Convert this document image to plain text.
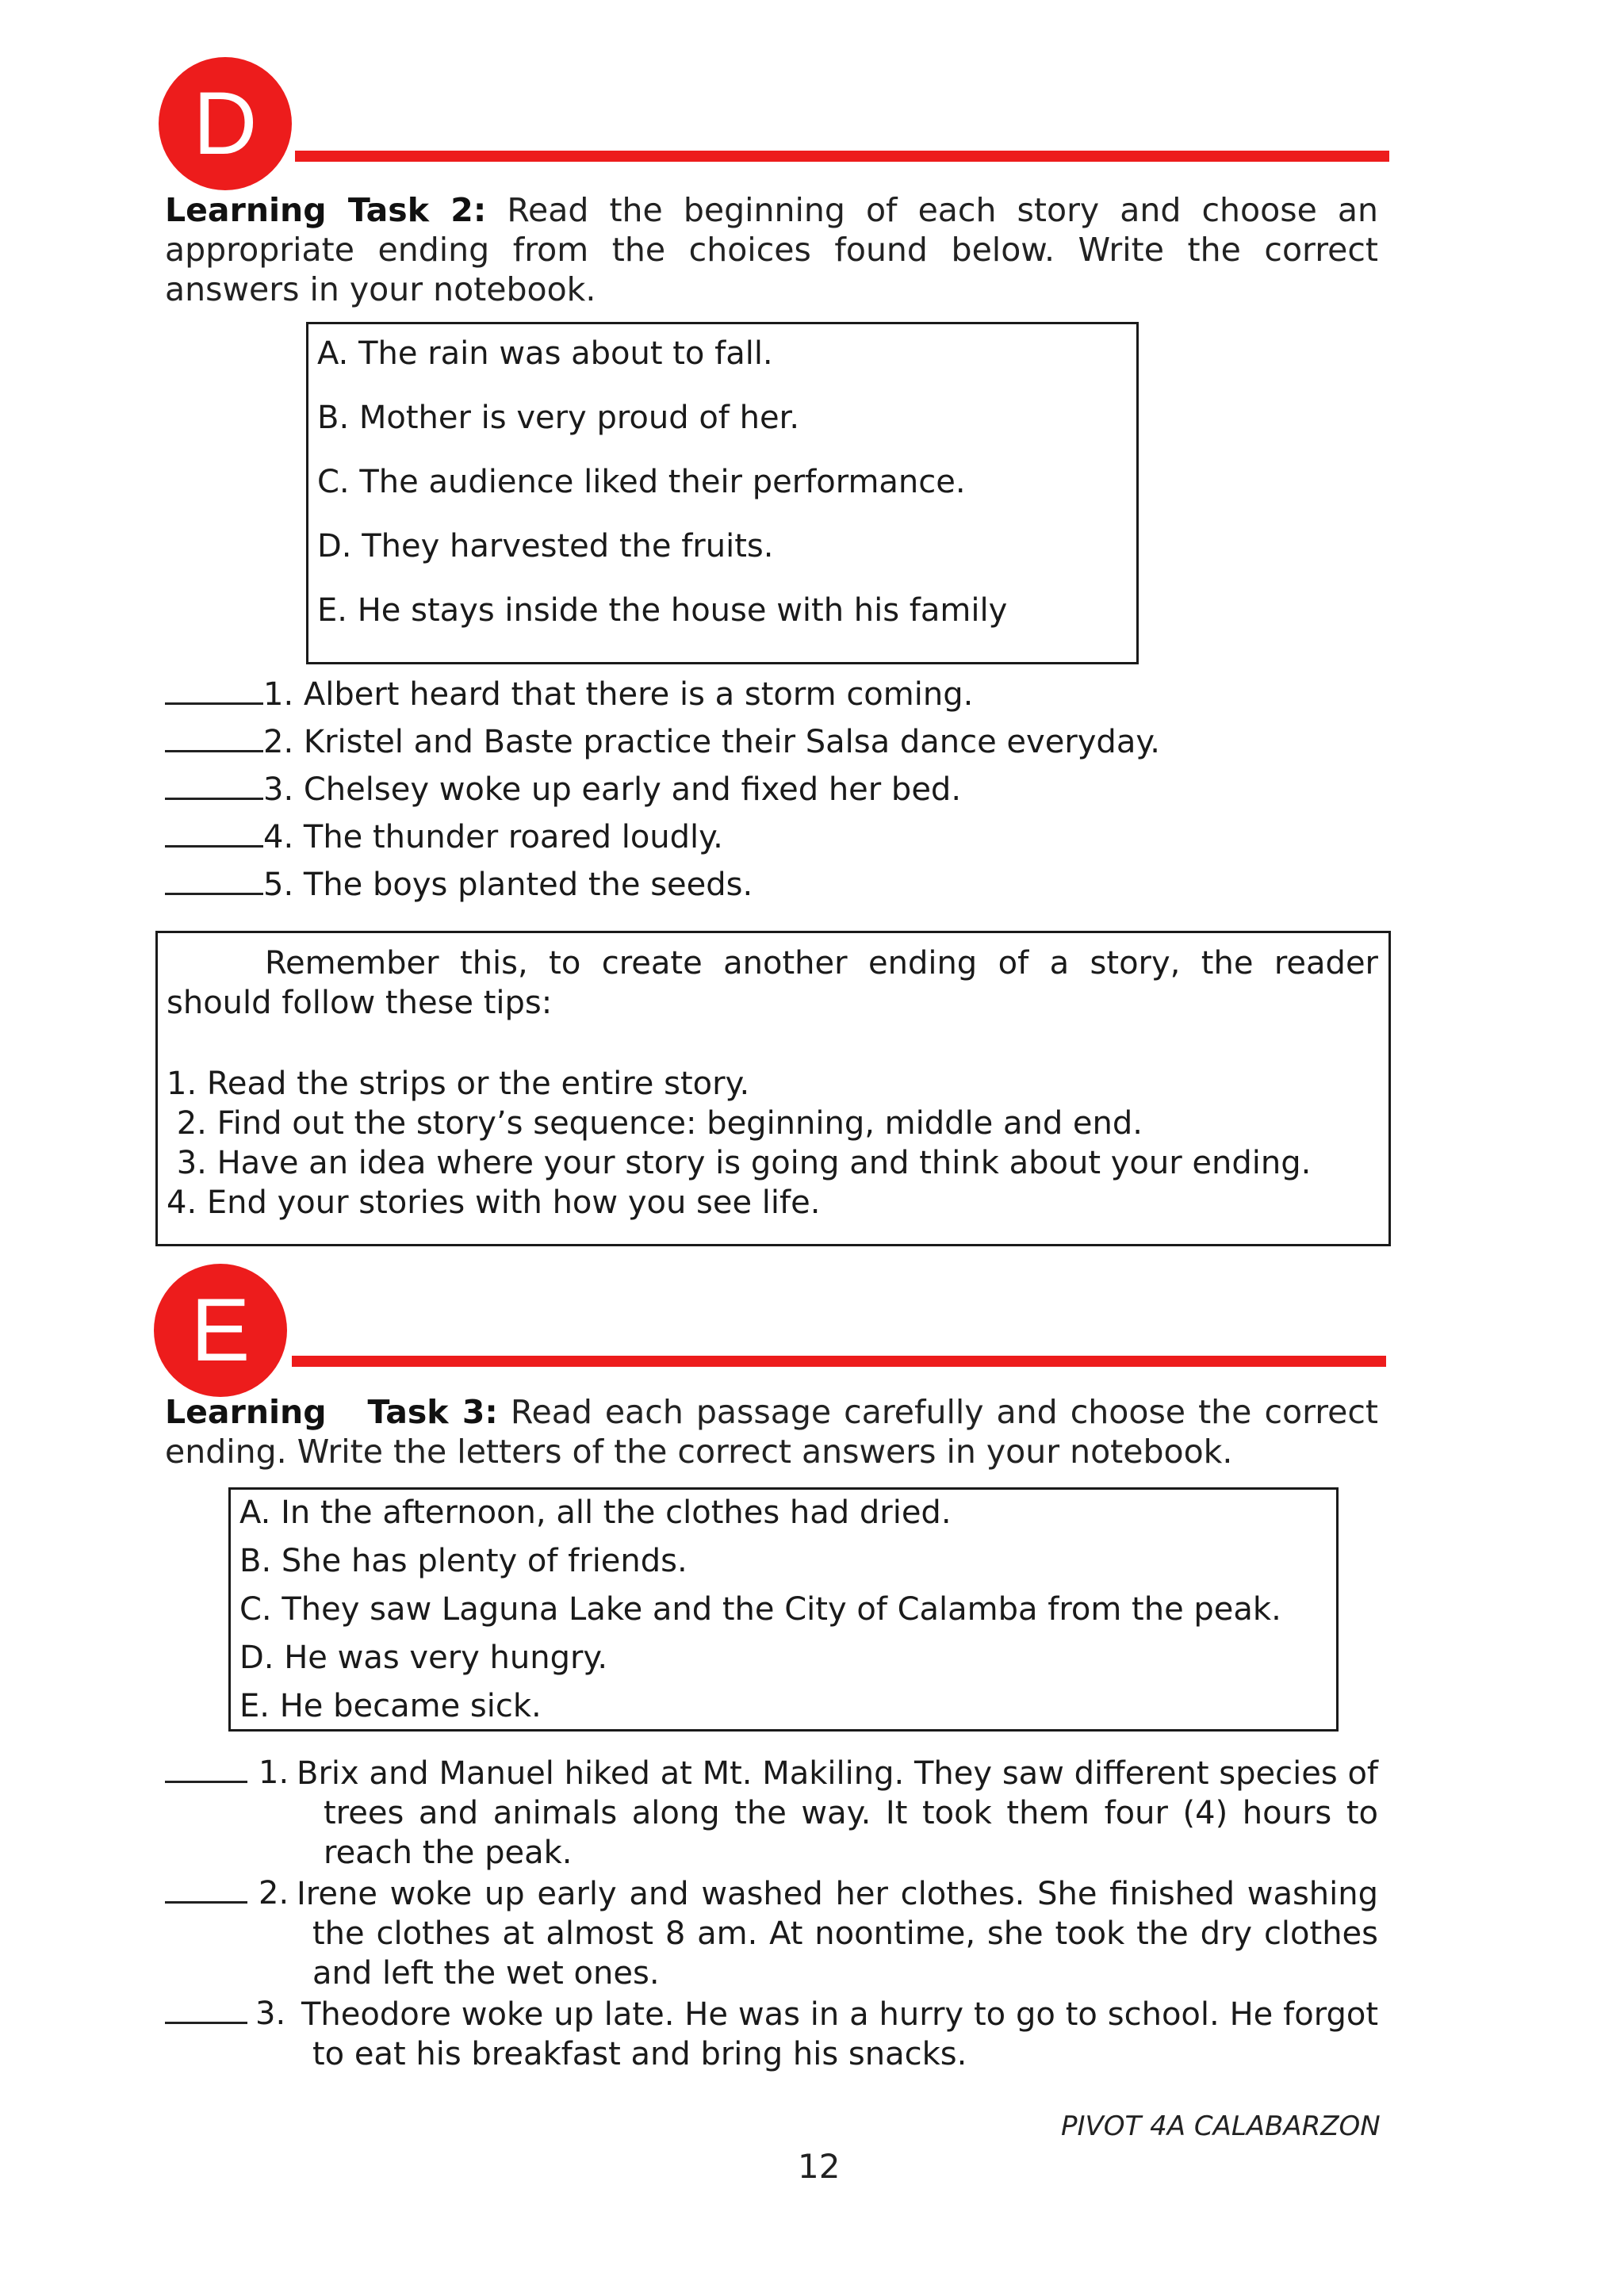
D
Learning Task 2: Read the beginning of each story and choose an appropriate ending from the choices found below. Write the correct answers in your notebook.
A. The rain was about to fall.
B. Mother is very proud of her.
C. The audience liked their performance.
D. They harvested the fruits.
E. He stays inside the house with his family
1. Albert heard that there is a storm coming.
2. Kristel and Baste practice their Salsa dance everyday.
3. Chelsey woke up early and fixed her bed.
4. The thunder roared loudly.
5. The boys planted the seeds.
Remember this, to create another ending of a story, the reader should follow these tips:
1. Read the strips or the entire story.
2. Find out the story’s sequence: beginning, middle and end.
3. Have an idea where your story is going and think about your ending.
4. End your stories with how you see life.
E
Learning   Task 3: Read each passage carefully and choose the correct ending. Write the letters of the correct answers in your notebook.
A. In the afternoon, all the clothes had dried.
B. She has plenty of friends.
C. They saw Laguna Lake and the City of Calamba from the peak.
D. He was very hungry.
E. He became sick.
1. Brix and Manuel hiked at Mt. Makiling. They saw different species of trees and animals along the way. It took them four (4) hours to reach the peak.
2. Irene woke up early and washed her clothes. She finished washing the clothes at almost 8 am. At noontime, she took the dry clothes and left the wet ones.
3. Theodore woke up late. He was in a hurry to go to school. He forgot to eat his breakfast and bring his snacks.
PIVOT 4A CALABARZON
12
